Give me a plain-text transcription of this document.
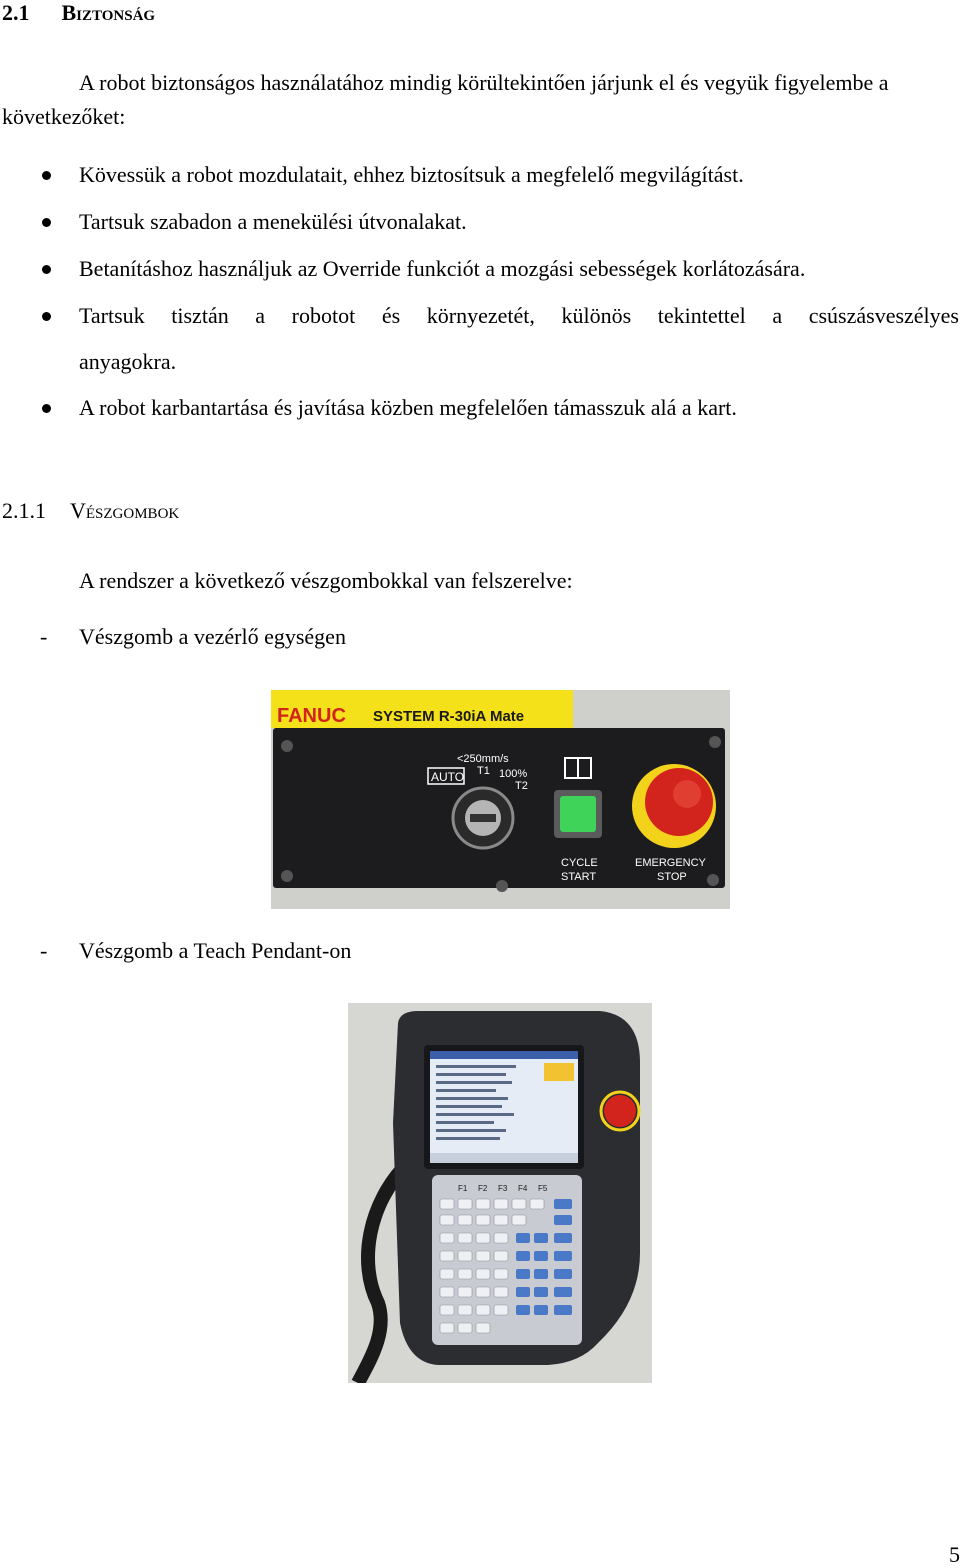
2.1 Biztonság
A robot biztonságos használatához mindig körültekintően járjunk el és vegyük figyelembe a következőket:
Kövessük a robot mozdulatait, ehhez biztosítsuk a megfelelő megvilágítást.
Tartsuk szabadon a menekülési útvonalakat.
Betanításhoz használjuk az Override funkciót a mozgási sebességek korlátozására.
Tartsuk tisztán a robotot és környezetét, különös tekintettel a csúszásveszélyes
anyagokra.
A robot karbantartása és javítása közben megfelelően támasszuk alá a kart.
2.1.1 Vészgombok
A rendszer a következő vészgombokkal van felszerelve:
- Vészgomb a vezérlő egységen
FANUC SYSTEM R-30iA Mate
AUTO
<250mm/s
T1 100%
T2
CYCLE
START
EMERGENCY
STOP
- Vészgomb a Teach Pendant-on
F1 F2 F3 F4 F5
5
